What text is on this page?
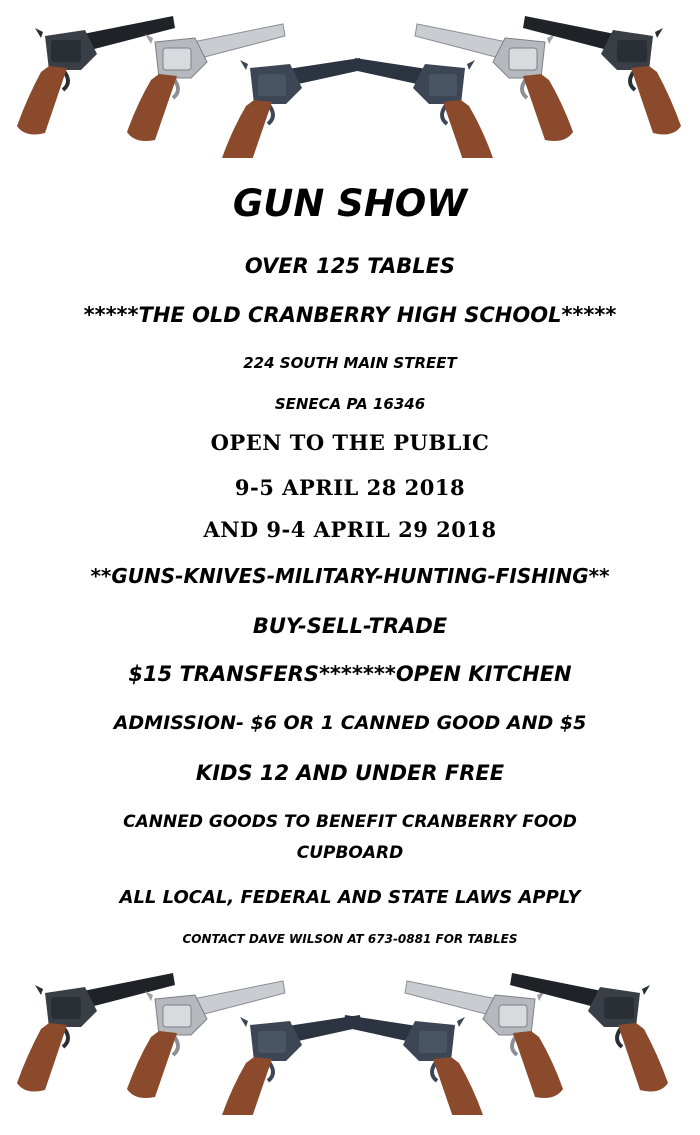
GUN SHOW
OVER 125 TABLES
*****THE OLD CRANBERRY HIGH SCHOOL*****
224 SOUTH MAIN STREET
SENECA PA 16346
OPEN TO THE PUBLIC
9-5 APRIL 28 2018
AND 9-4 APRIL 29 2018
**GUNS-KNIVES-MILITARY-HUNTING-FISHING**
BUY-SELL-TRADE
$15 TRANSFERS*******OPEN KITCHEN
ADMISSION- $6 OR 1 CANNED GOOD AND $5
KIDS 12 AND UNDER FREE
CANNED GOODS TO BENEFIT CRANBERRY FOOD
CUPBOARD
ALL LOCAL, FEDERAL AND STATE LAWS APPLY
CONTACT DAVE WILSON AT 673-0881 FOR TABLES
